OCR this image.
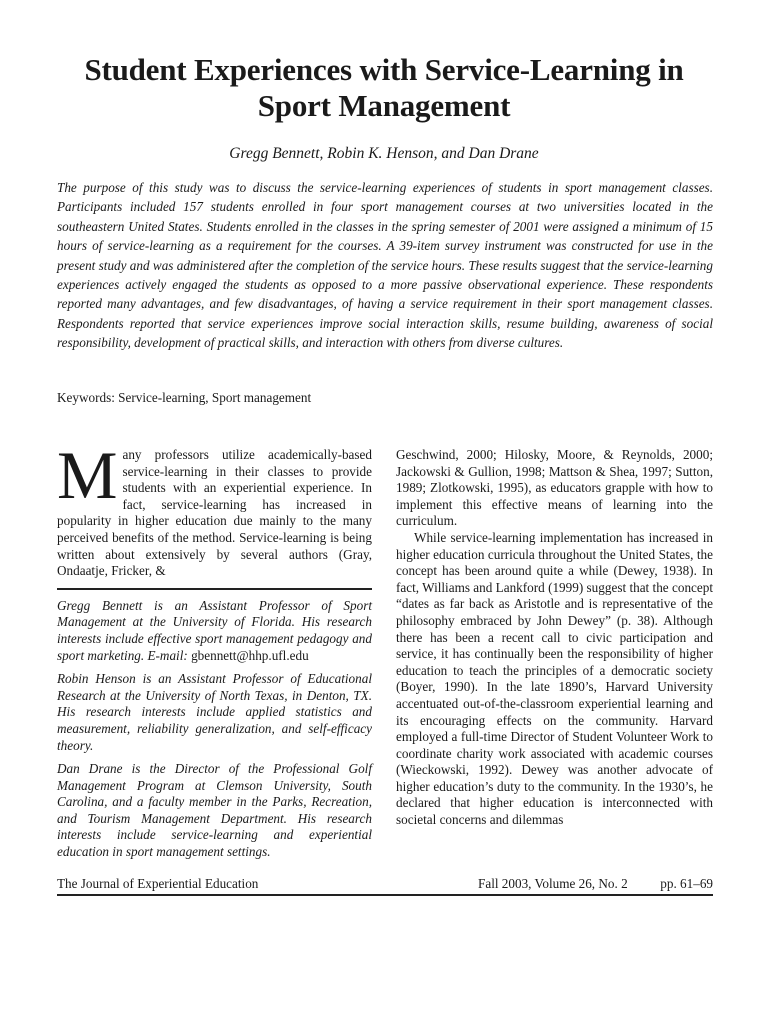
Student Experiences with Service-Learning in
Sport Management
Gregg Bennett, Robin K. Henson, and Dan Drane

The purpose of this study was to discuss the service-learning experiences of students in sport management classes. Participants included 157 students enrolled in four sport management courses at two universities located in the southeastern United States. Students enrolled in the classes in the spring semester of 2001 were assigned a minimum of 15 hours of service-learning as a requirement for the courses. A 39-item survey instrument was constructed for use in the present study and was administered after the completion of the service hours. These results suggest that the service-learning experiences actively engaged the students as opposed to a more passive observational experience. These respondents reported many advantages, and few disadvantages, of having a service requirement in their sport management classes. Respondents reported that service experiences improve social interaction skills, resume building, awareness of social responsibility, development of practical skills, and interaction with others from diverse cultures.

Keywords: Service-learning, Sport management

Many professors utilize academically-based service-learning in their classes to provide students with an experiential experience. In fact, service-learning has increased in popularity in higher education due mainly to the many perceived benefits of the method. Service-learning is being written about extensively by several authors (Gray, Ondaatje, Fricker, &

Gregg Bennett is an Assistant Professor of Sport Management at the University of Florida. His research interests include effective sport management pedagogy and sport marketing. E-mail: gbennett@hhp.ufl.edu

Robin Henson is an Assistant Professor of Educational Research at the University of North Texas, in Denton, TX. His research interests include applied statistics and measurement, reliability generalization, and self-efficacy theory.

Dan Drane is the Director of the Professional Golf Management Program at Clemson University, South Carolina, and a faculty member in the Parks, Recreation, and Tourism Management Department. His research interests include service-learning and experiential education in sport management settings.

Geschwind, 2000; Hilosky, Moore, & Reynolds, 2000; Jackowski & Gullion, 1998; Mattson & Shea, 1997; Sutton, 1989; Zlotkowski, 1995), as educators grapple with how to implement this effective means of learning into the curriculum.

While service-learning implementation has increased in higher education curricula throughout the United States, the concept has been around quite a while (Dewey, 1938). In fact, Williams and Lankford (1999) suggest that the concept “dates as far back as Aristotle and is representative of the philosophy embraced by John Dewey” (p. 38). Although there has been a recent call to civic participation and service, it has continually been the responsibility of higher education to teach the principles of a democratic society (Boyer, 1990). In the late 1890’s, Harvard University accentuated out-of-the-classroom experiential learning and its encouraging effects on the community. Harvard employed a full-time Director of Student Volunteer Work to coordinate charity work associated with academic courses (Wieckowski, 1992). Dewey was another advocate of higher education’s duty to the community. In the 1930’s, he declared that higher education is interconnected with societal concerns and dilemmas

The Journal of Experiential Education	Fall 2003, Volume 26, No. 2 pp. 61–69
